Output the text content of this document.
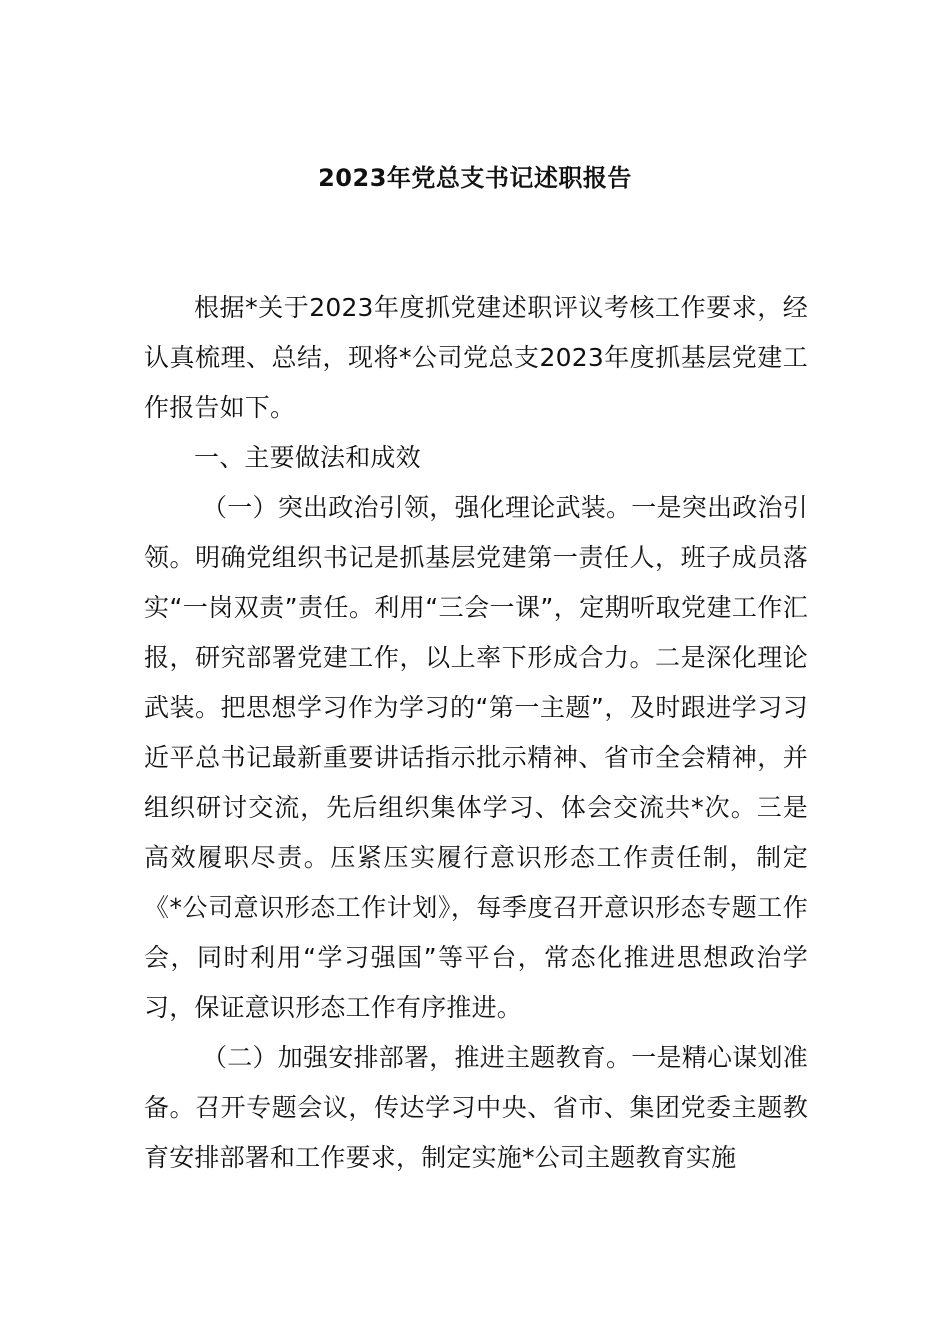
2023年党总支书记述职报告

根据*关于2023年度抓党建述职评议考核工作要求，经认真梳理、总结，现将*公司党总支2023年度抓基层党建工作报告如下。

一、主要做法和成效

（一）突出政治引领，强化理论武装。一是突出政治引领。明确党组织书记是抓基层党建第一责任人，班子成员落实“一岗双责”责任。利用“三会一课”，定期听取党建工作汇报，研究部署党建工作，以上率下形成合力。二是深化理论武装。把思想学习作为学习的“第一主题”，及时跟进学习习近平总书记最新重要讲话指示批示精神、省市全会精神，并组织研讨交流，先后组织集体学习、体会交流共*次。三是高效履职尽责。压紧压实履行意识形态工作责任制，制定《*公司意识形态工作计划》，每季度召开意识形态专题工作会，同时利用“学习强国”等平台，常态化推进思想政治学习，保证意识形态工作有序推进。

（二）加强安排部署，推进主题教育。一是精心谋划准备。召开专题会议，传达学习中央、省市、集团党委主题教育安排部署和工作要求，制定实施*公司主题教育实施
